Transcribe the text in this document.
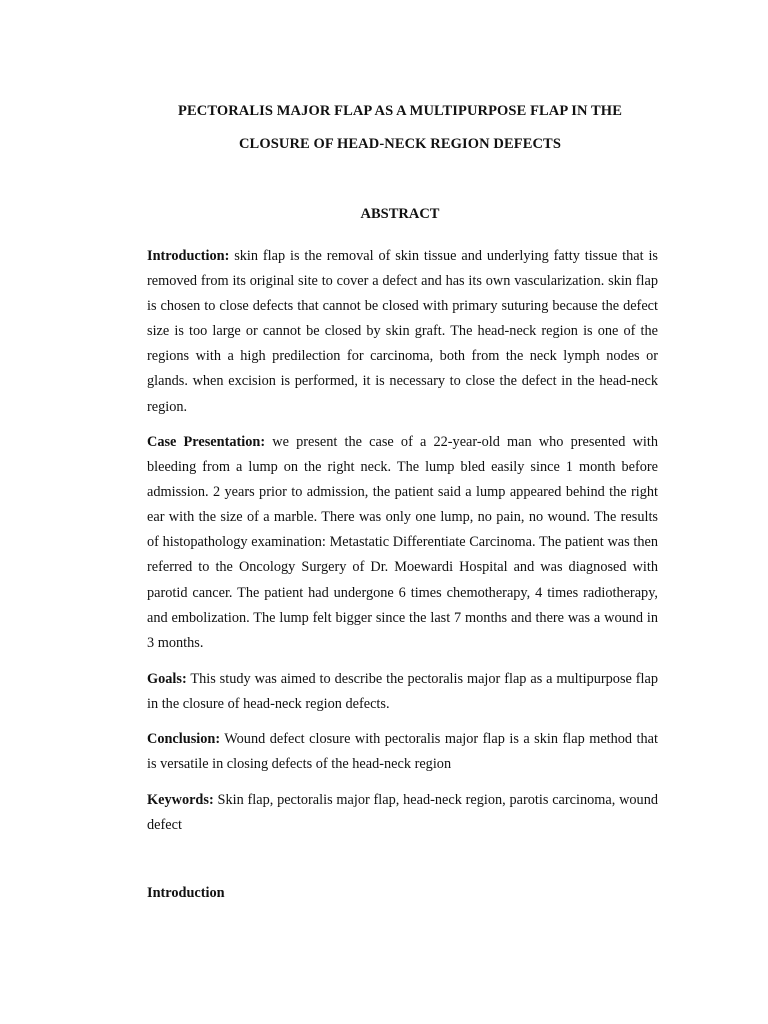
PECTORALIS MAJOR FLAP AS A MULTIPURPOSE FLAP IN THE
CLOSURE OF HEAD-NECK REGION DEFECTS
ABSTRACT

Introduction: skin flap is the removal of skin tissue and underlying fatty tissue that is removed from its original site to cover a defect and has its own vascularization. skin flap is chosen to close defects that cannot be closed with primary suturing because the defect size is too large or cannot be closed by skin graft. The head-neck region is one of the regions with a high predilection for carcinoma, both from the neck lymph nodes or glands. when excision is performed, it is necessary to close the defect in the head-neck region.

Case Presentation: we present the case of a 22-year-old man who presented with bleeding from a lump on the right neck. The lump bled easily since 1 month before admission. 2 years prior to admission, the patient said a lump appeared behind the right ear with the size of a marble. There was only one lump, no pain, no wound. The results of histopathology examination: Metastatic Differentiate Carcinoma. The patient was then referred to the Oncology Surgery of Dr. Moewardi Hospital and was diagnosed with parotid cancer. The patient had undergone 6 times chemotherapy, 4 times radiotherapy, and embolization. The lump felt bigger since the last 7 months and there was a wound in 3 months.

Goals: This study was aimed to describe the pectoralis major flap as a multipurpose flap in the closure of head-neck region defects.

Conclusion: Wound defect closure with pectoralis major flap is a skin flap method that is versatile in closing defects of the head-neck region

Keywords: Skin flap, pectoralis major flap, head-neck region, parotis carcinoma, wound defect

Introduction
